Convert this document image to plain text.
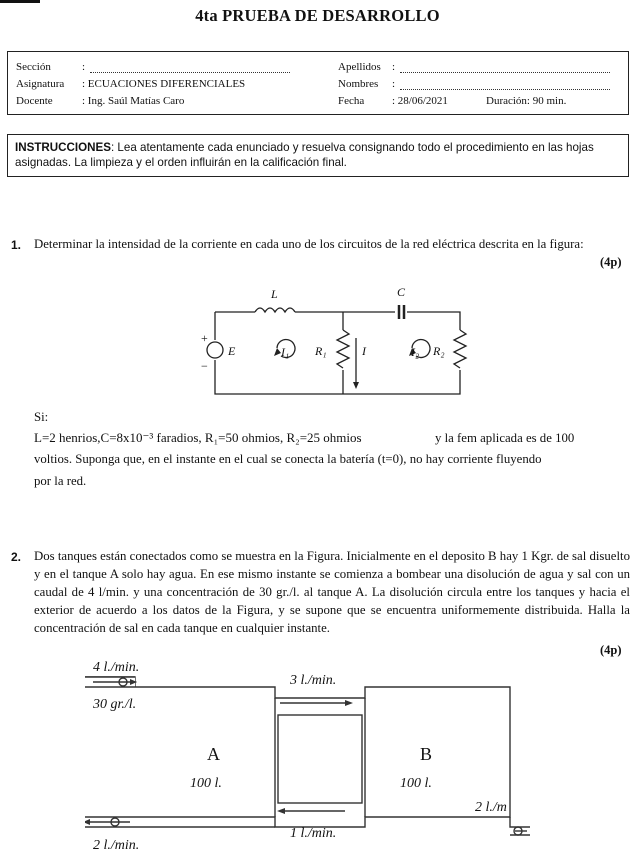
4ta PRUEBA DE DESARROLLO
Sección	:
Asignatura : ECUACIONES DIFERENCIALES
Docente	: Ing. Saúl Matías Caro
Apellidos :
Nombres :
Fecha	: 28/06/2021	Duración: 90 min.
INSTRUCCIONES: Lea atentamente cada enunciado y resuelva consignando todo el procedimiento en las hojas asignadas. La limpieza y el orden influirán en la calificación final.
1. Determinar la intensidad de la corriente en cada uno de los circuitos de la red eléctrica descrita en la figura:
(4p)
L	C
+
−
E	I₁ R₁	I	I₂ R₂
Si:
L=2 henrios,C=8x10⁻³ faradios, R₁=50 ohmios, R₂=25 ohmios	y la fem aplicada es de 100
voltios. Suponga que, en el instante en el cual se conecta la batería (t=0), no hay corriente fluyendo
por la red.
2. Dos tanques están conectados como se muestra en la Figura. Inicialmente en el deposito B hay 1 Kgr. de sal disuelto y en el tanque A solo hay agua. En ese mismo instante se comienza a bombear una disolución de agua y sal con un caudal de 4 l/min. y una concentración de 30 gr./l. al tanque A. La disolución circula entre los tanques y hacia el exterior de acuerdo a los datos de la Figura, y se supone que se encuentra uniformemente distribuida. Halla la concentración de sal en cada tanque en cualquier instante.
(4p)
4 l./min.
30 gr./l.
A
100 l.
B
100 l.
3 l./min.
1 l./min.
2 l./m
2 l./min.
